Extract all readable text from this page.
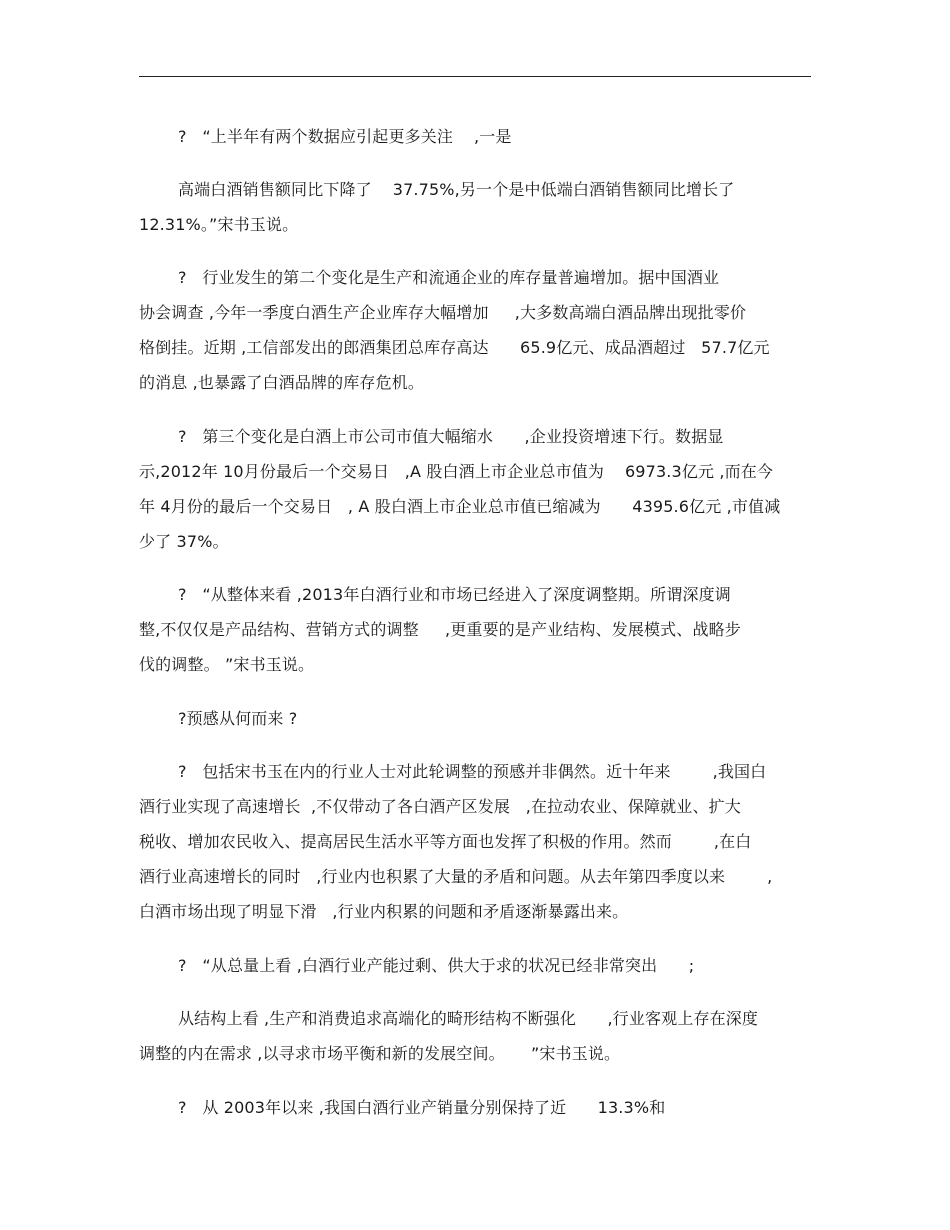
?   “上半年有两个数据应引起更多关注    ,一是
高端白酒销售额同比下降了    37.75%,另一个是中低端白酒销售额同比增长了
12.31%。”宋书玉说。
?   行业发生的第二个变化是生产和流通企业的库存量普遍增加。据中国酒业
协会调查 ,今年一季度白酒生产企业库存大幅增加     ,大多数高端白酒品牌出现批零价
格倒挂。近期 ,工信部发出的郎酒集团总库存高达      65.9亿元、成品酒超过   57.7亿元
的消息 ,也暴露了白酒品牌的库存危机。
?   第三个变化是白酒上市公司市值大幅缩水      ,企业投资增速下行。数据显
示,2012年 10月份最后一个交易日   ,A 股白酒上市企业总市值为    6973.3亿元 ,而在今
年 4月份的最后一个交易日   , A 股白酒上市企业总市值已缩减为      4395.6亿元 ,市值减
少了 37%。
?   “从整体来看 ,2013年白酒行业和市场已经进入了深度调整期。所谓深度调
整,不仅仅是产品结构、营销方式的调整     ,更重要的是产业结构、发展模式、战略步
伐的调整。 ”宋书玉说。
?预感从何而来 ?
?   包括宋书玉在内的行业人士对此轮调整的预感并非偶然。近十年来        ,我国白
酒行业实现了高速增长  ,不仅带动了各白酒产区发展   ,在拉动农业、保障就业、扩大
税收、增加农民收入、提高居民生活水平等方面也发挥了积极的作用。然而        ,在白
酒行业高速增长的同时   ,行业内也积累了大量的矛盾和问题。从去年第四季度以来        ,
白酒市场出现了明显下滑   ,行业内积累的问题和矛盾逐渐暴露出来。
?   “从总量上看 ,白酒行业产能过剩、供大于求的状况已经非常突出      ;
从结构上看 ,生产和消费追求高端化的畸形结构不断强化      ,行业客观上存在深度
调整的内在需求 ,以寻求市场平衡和新的发展空间。     ”宋书玉说。
?   从 2003年以来 ,我国白酒行业产销量分别保持了近      13.3%和
